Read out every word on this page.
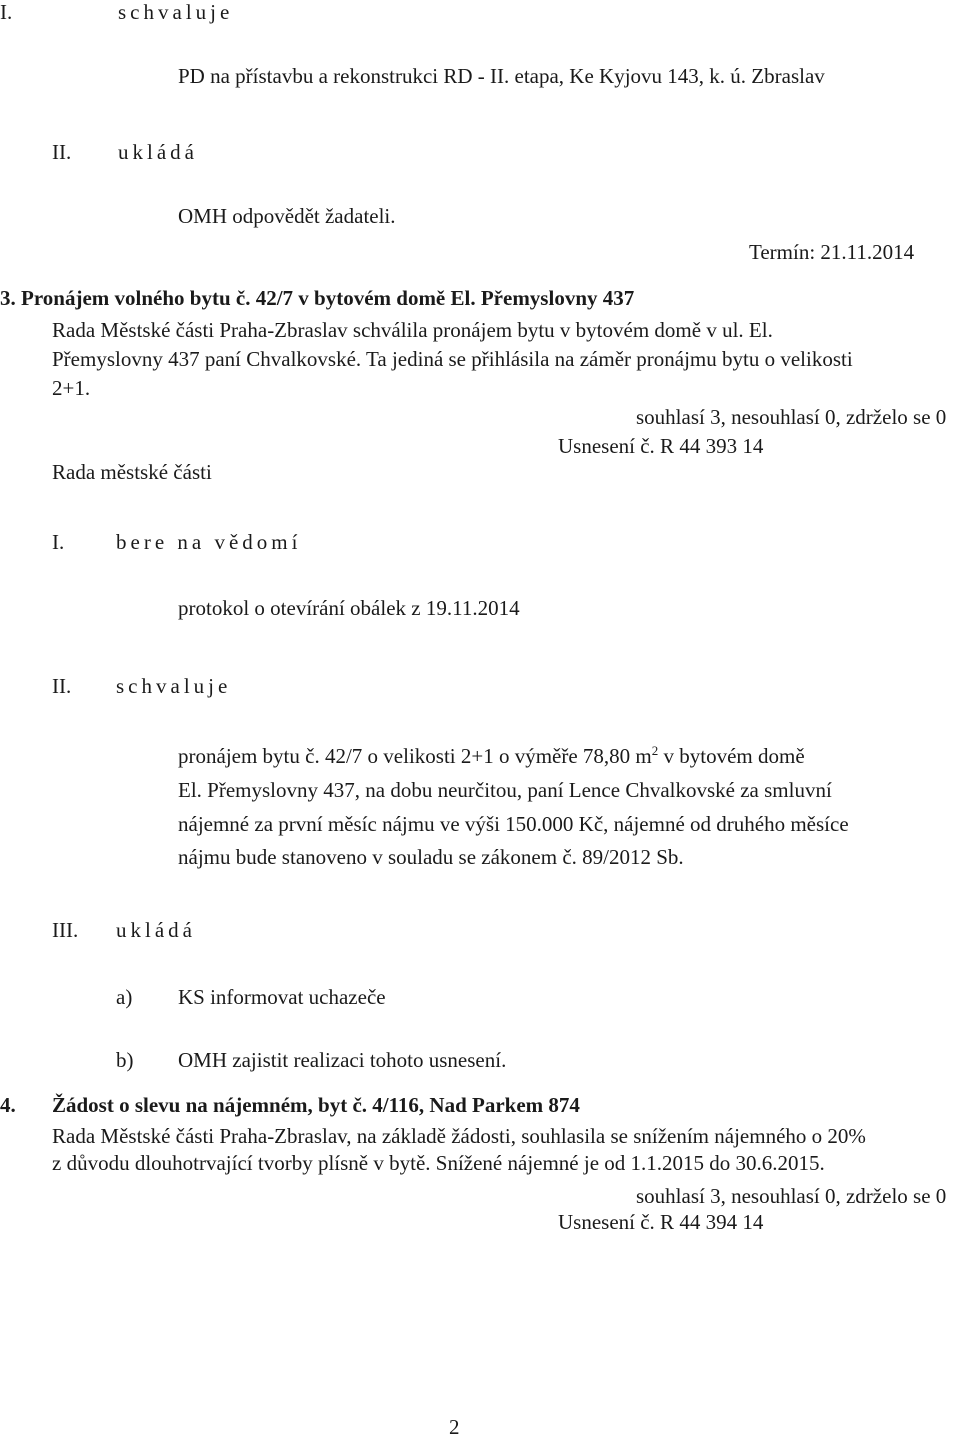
I.	schvaluje
PD na přístavbu a rekonstrukci RD - II. etapa, Ke Kyjovu 143, k. ú. Zbraslav
II. ukládá
OMH odpovědět žadateli.
Termín: 21.11.2014
3. Pronájem volného bytu č. 42/7 v bytovém domě El. Přemyslovny 437
Rada Městské části Praha-Zbraslav schválila pronájem bytu v bytovém domě v ul. El.
Přemyslovny 437 paní Chvalkovské. Ta jediná se přihlásila na záměr pronájmu bytu o velikosti
2+1.
souhlasí 3, nesouhlasí 0, zdrželo se 0
Usnesení č. R 44 393 14
Rada městské části
I. bere na vědomí
protokol o otevírání obálek z 19.11.2014
II. schvaluje
pronájem bytu č. 42/7 o velikosti 2+1 o výměře 78,80 $m^2$ v bytovém domě
El. Přemyslovny 437, na dobu neurčitou, paní Lence Chvalkovské za smluvní
nájemné za první měsíc nájmu ve výši 150.000 Kč, nájemné od druhého měsíce
nájmu bude stanoveno v souladu se zákonem č. 89/2012 Sb.
III. ukládá
a) KS informovat uchazeče
b) OMH zajistit realizaci tohoto usnesení.
4. Žádost o slevu na nájemném, byt č. 4/116, Nad Parkem 874
Rada Městské části Praha-Zbraslav, na základě žádosti, souhlasila se snížením nájemného o 20%
z důvodu dlouhotrvající tvorby plísně v bytě. Snížené nájemné je od 1.1.2015 do 30.6.2015.
souhlasí 3, nesouhlasí 0, zdrželo se 0
Usnesení č. R 44 394 14
2
